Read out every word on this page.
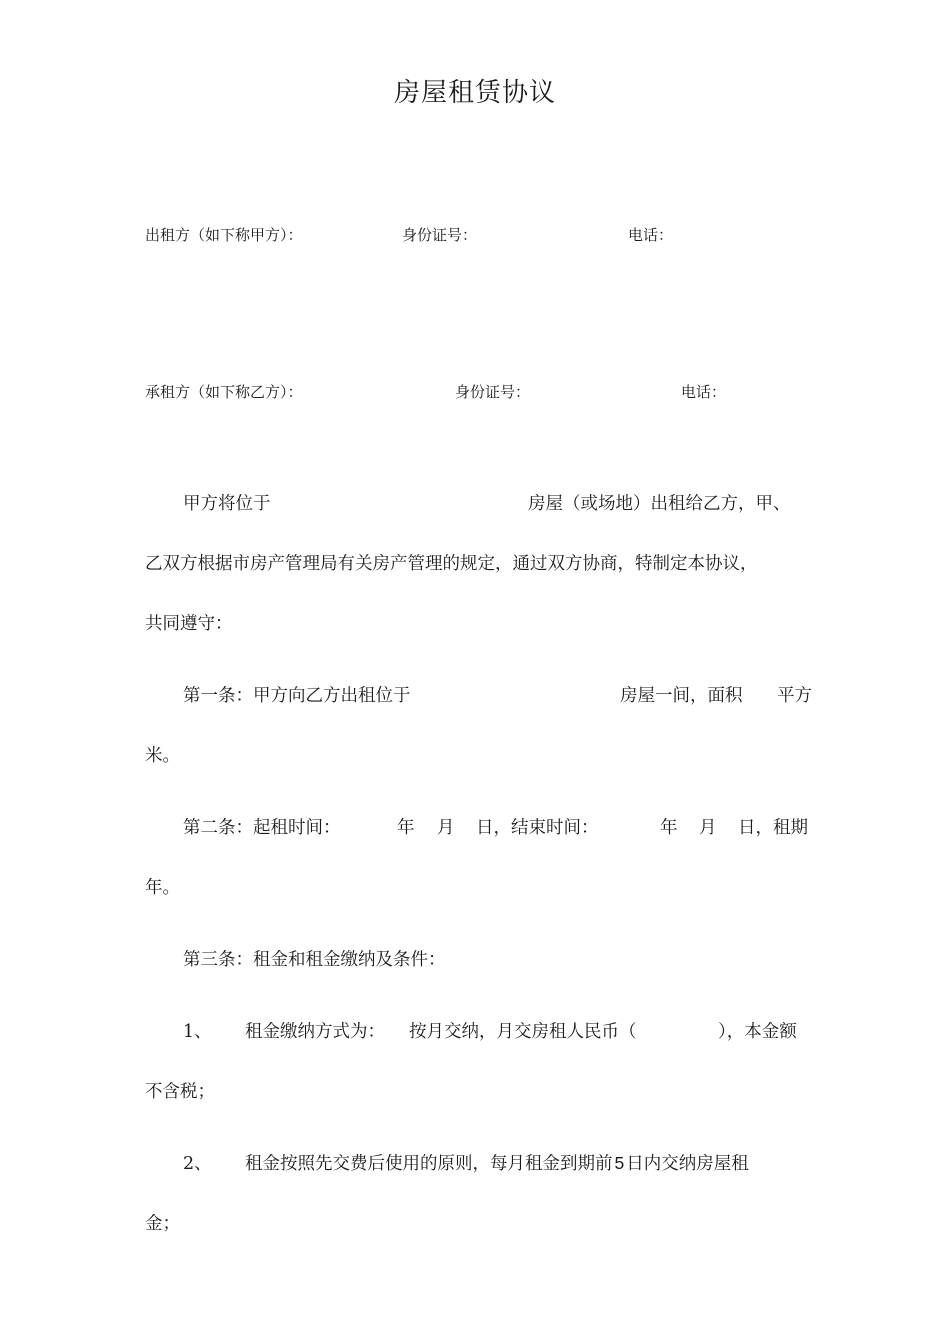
房屋租赁协议
出租方（如下称甲方）：	身份证号：	电话：
承租方（如下称乙方）：	身份证号：	电话：
甲方将位于	房屋（或场地）出租给乙方，甲、
乙双方根据市房产管理局有关房产管理的规定，通过双方协商，特制定本协议，
共同遵守：
第一条：甲方向乙方出租位于	房屋一间，面积 平方
米。
第二条：起租时间：	年 月 日，结束时间：	年 月 日，租期
年。
第三条：租金和租金缴纳及条件：
1、 租金缴纳方式为： 按月交纳，月交房租人民币（	），本金额
不含税；
2、 租金按照先交费后使用的原则，每月租金到期前 5 日内交纳房屋租
金；
